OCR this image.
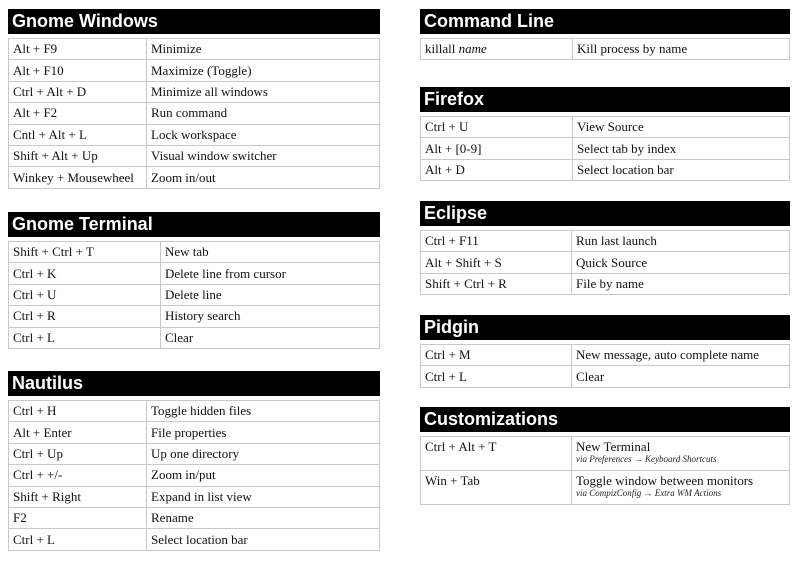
Gnome Windows
Alt + F9	Minimize
Alt + F10	Maximize (Toggle)
Ctrl + Alt + D	Minimize all windows
Alt + F2	Run command
Cntl + Alt + L	Lock workspace
Shift + Alt + Up	Visual window switcher
Winkey + Mousewheel	Zoom in/out
Gnome Terminal
Shift + Ctrl + T	New tab
Ctrl + K	Delete line from cursor
Ctrl + U	Delete line
Ctrl + R	History search
Ctrl + L	Clear
Nautilus
Ctrl + H	Toggle hidden files
Alt + Enter	File properties
Ctrl + Up	Up one directory
Ctrl + +/-	Zoom in/put
Shift + Right	Expand in list view
F2	Rename
Ctrl + L	Select location bar
Command Line
killall name	Kill process by name
Firefox
Ctrl + U	View Source
Alt + [0-9]	Select tab by index
Alt + D	Select location bar
Eclipse
Ctrl + F11	Run last launch
Alt + Shift + S	Quick Source
Shift + Ctrl + R	File by name
Pidgin
Ctrl + M	New message, auto complete name
Ctrl + L	Clear
Customizations
Ctrl + Alt + T	New Terminal
via Preferences → Keyboard Shortcuts

Win + Tab	Toggle window between monitors
via CompizConfig → Extra WM Actions
